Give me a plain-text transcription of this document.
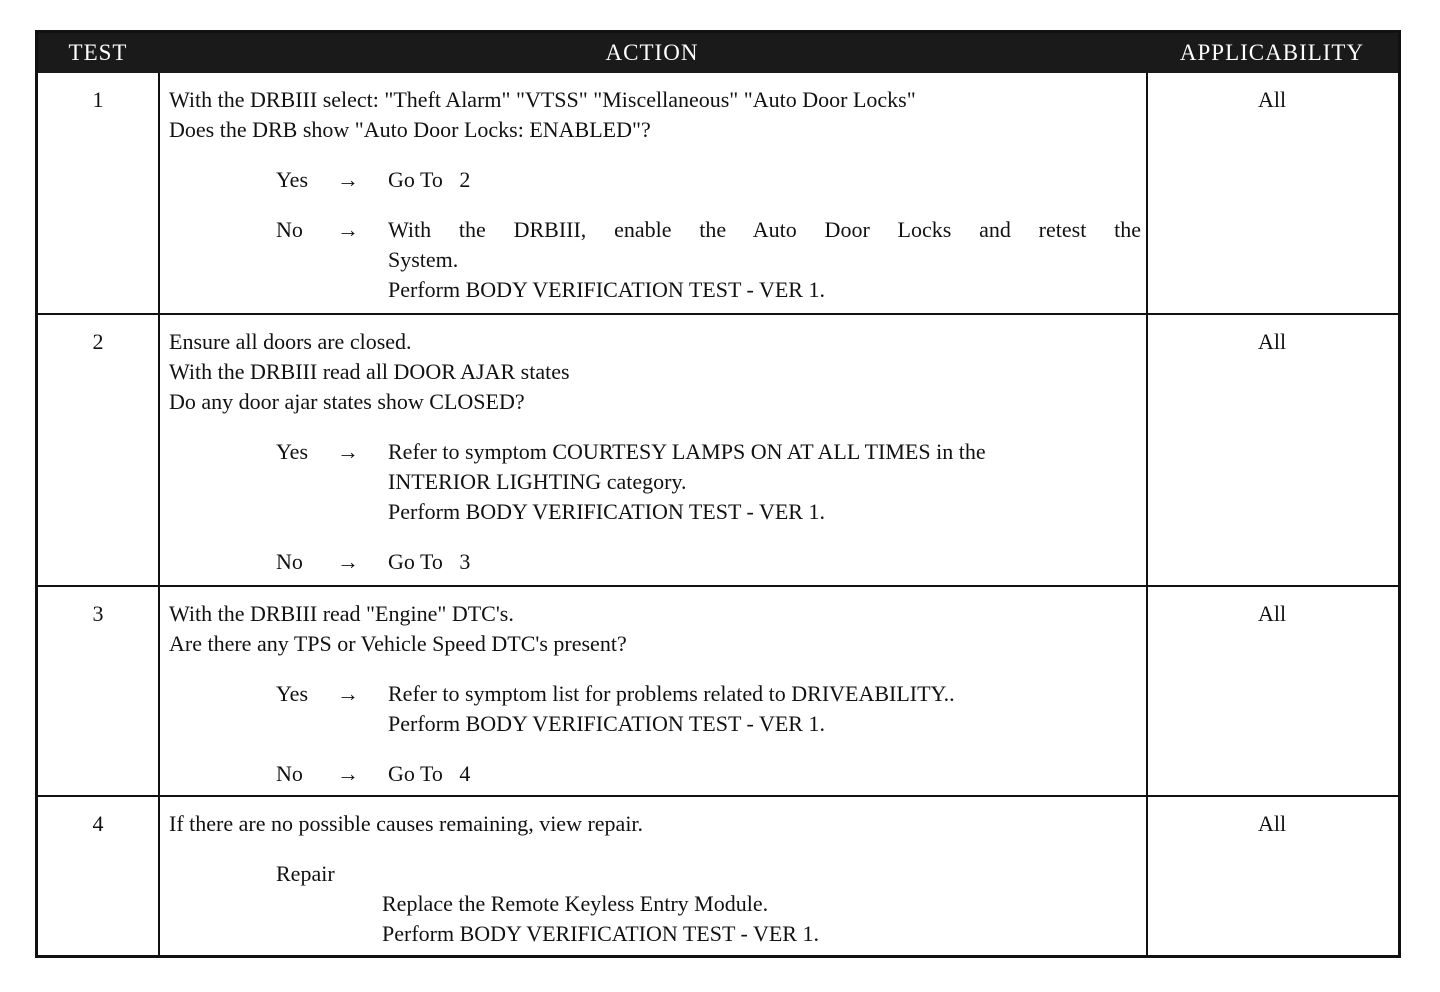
TEST	ACTION	APPLICABILITY
1	With the DRBIII select: "Theft Alarm" "VTSS" "Miscellaneous" "Auto Door Locks"
Does the DRB show "Auto Door Locks: ENABLED"?
Yes	→ Go To   2
No	→ With the DRBIII, enable the Auto Door Locks and retest the
System.
Perform BODY VERIFICATION TEST - VER 1.
All
2	Ensure all doors are closed.
With the DRBIII read all DOOR AJAR states
Do any door ajar states show CLOSED?
Yes	→ Refer to symptom COURTESY LAMPS ON AT ALL TIMES in the
INTERIOR LIGHTING category.
Perform BODY VERIFICATION TEST - VER 1.
No	→ Go To   3
All
3	With the DRBIII read "Engine" DTC's.
Are there any TPS or Vehicle Speed DTC's present?
Yes	→ Refer to symptom list for problems related to DRIVEABILITY..
Perform BODY VERIFICATION TEST - VER 1.
No	→ Go To   4
All
4	If there are no possible causes remaining, view repair.
Repair
Replace the Remote Keyless Entry Module.
Perform BODY VERIFICATION TEST - VER 1.
All
